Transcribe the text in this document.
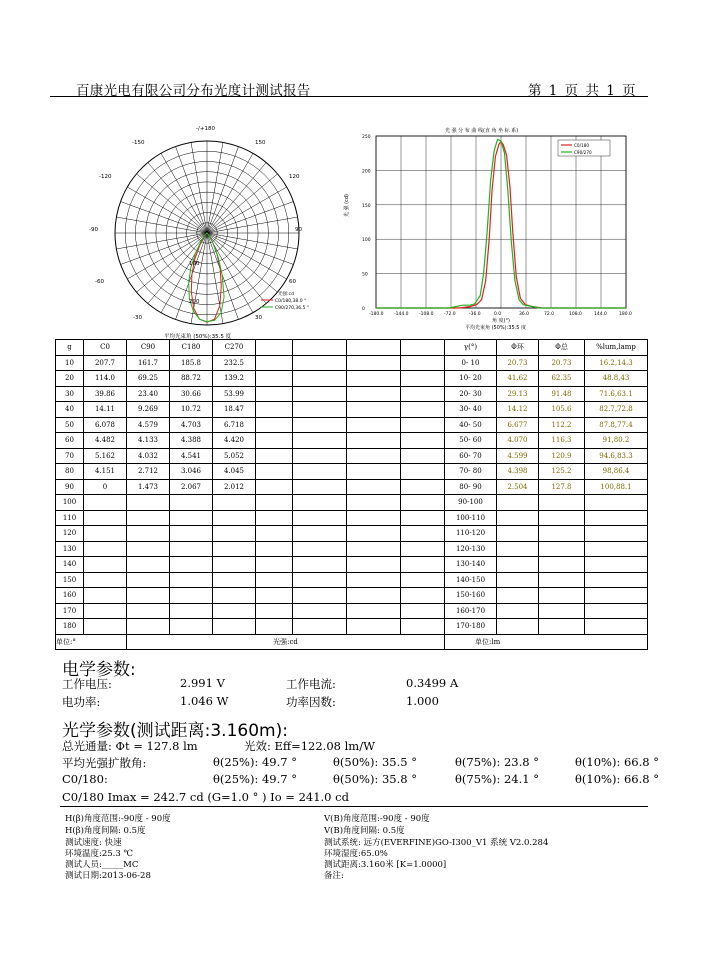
百康光电有限公司分布光度计测试报告	第 1 页 共 1 页
-/+180
-150	150
-120	120
-90	90
-60	60
-30	30
100
200
光强:cd
C0/180,38.0 °
C90/270,36.5 °
平均光束角 (50%):35.5 度
光 强 分 布 曲 线(直 角 坐 标 系)
-180.0 -144.0 -108.0 -72.0	-36.0	0.0	36.0	72.0	108.0	144.0	180.0
0
50
100
150
200
250
C0/180
C90/270
角 度(°)
平均光束角 (50%):35.5 度
光 强 (cd)
g	C0	C90	C180	C270					γ(°)	Φ环	Φ总	%lum,lamp
10	207.7	161.7	185.8	232.5					0- 10	20.73	20.73	16.2,14.3
20	114.0	69.25	88.72	139.2					10- 20	41.62	62.35	48.8,43
30	39.86	23.40	30.66	53.99					20- 30	29.13	91.48	71.6,63.1
40	14.11	9.269	10.72	18.47					30- 40	14.12	105.6	82.7,72.8
50	6.078	4.579	4.703	6.718					40- 50	6.677	112.2	87.8,77.4
60	4.482	4.133	4.388	4.420					50- 60	4.070	116.3	91,80.2
70	5.162	4.032	4.541	5.052					60- 70	4.599	120.9	94.6,83.3
80	4.151	2.712	3.046	4.045					70- 80	4.398	125.2	98,86.4
90	0	1.473	2.067	2.012					80- 90	2.504	127.8	100,88.1
100									90-100			
110									100-110			
120									110-120			
130									120-130			
140									130-140			
150									140-150			
160									150-160			
170									160-170			
180									170-180			
单位:°		光强:cd							单位:lm			
电学参数:
工作电压:	2.991 V	工作电流:	0.3499 A
电功率:	1.046 W	功率因数:	1.000
光学参数(测试距离:3.160m):
总光通量: Φt = 127.8 lm	光效: Eff=122.08 lm/W
平均光强扩散角:	θ(25%): 49.7 °	θ(50%): 35.5 °	θ(75%): 23.8 °	θ(10%): 66.8 °
C0/180:	θ(25%): 49.7 °	θ(50%): 35.8 °	θ(75%): 24.1 °	θ(10%): 66.8 °
C0/180 Imax = 242.7 cd (G=1.0 ° ) Io = 241.0 cd
H(β)角度范围:-90度 - 90度
H(β)角度间隔: 0.5度
测试速度: 快速
环境温度:25.3 ℃
测试人员:_____MC
测试日期:2013-06-28
V(B)角度范围:-90度 - 90度
V(B)角度间隔: 0.5度
测试系统: 远方(EVERFINE)GO-I300_V1 系统 V2.0.284
环境湿度:65.0%
测试距离:3.160米 [K=1.0000]
备注:
